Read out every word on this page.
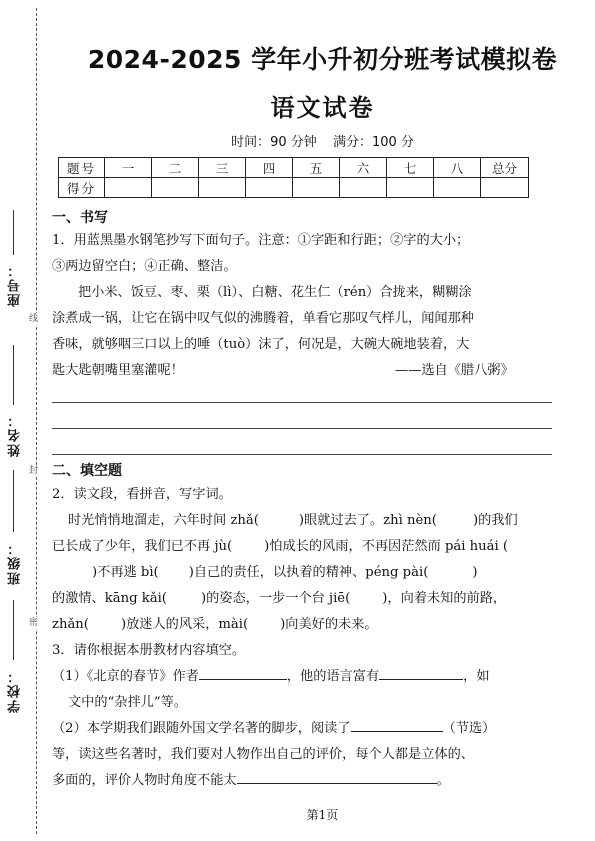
座号：
姓名：
班级：
学校：
线
封
密
2024-2025 学年小升初分班考试模拟卷
语文试卷
时间：90 分钟 满分：100 分
题号	一	二	三	四	五	六	七	八	总分
得分									
一、书写
1．用蓝黑墨水钢笔抄写下面句子。注意：①字距和行距；②字的大小；
③两边留空白；④正确、整洁。
把小米、饭豆、枣、栗（lì）、白糖、花生仁（rén）合拢来，糊糊涂
涂煮成一锅，让它在锅中叹气似的沸腾着，单看它那叹气样儿，闻闻那种
香味，就够咽三口以上的唾（tuò）沫了，何况是，大碗大碗地装着，大
匙大匙朝嘴里塞灌呢！	——选自《腊八粥》
二、填空题
2．读文段，看拼音，写字词。
时光悄悄地溜走，六年时间 zhǎ(	)眼就过去了。zhì nèn(	)的我们
已长成了少年，我们已不再 jù( )怕成长的风雨，不再因茫然而 pái huái (
)不再逃 bì( )自己的责任，以执着的精神、péng pài(	)
的激情、kāng kǎi(	)的姿态，一步一个台 jiē( )，向着未知的前路，
zhǎn( )放迷人的风采，mài( )向美好的未来。
3．请你根据本册教材内容填空。
（1）《北京的春节》作者	，他的语言富有	，如
文中的“杂拌儿”等。
（2）本学期我们跟随外国文学名著的脚步，阅读了	（节选）
等，读这些名著时，我们要对人物作出自己的评价，每个人都是立体的、
多面的，评价人物时角度不能太	。
第1页
